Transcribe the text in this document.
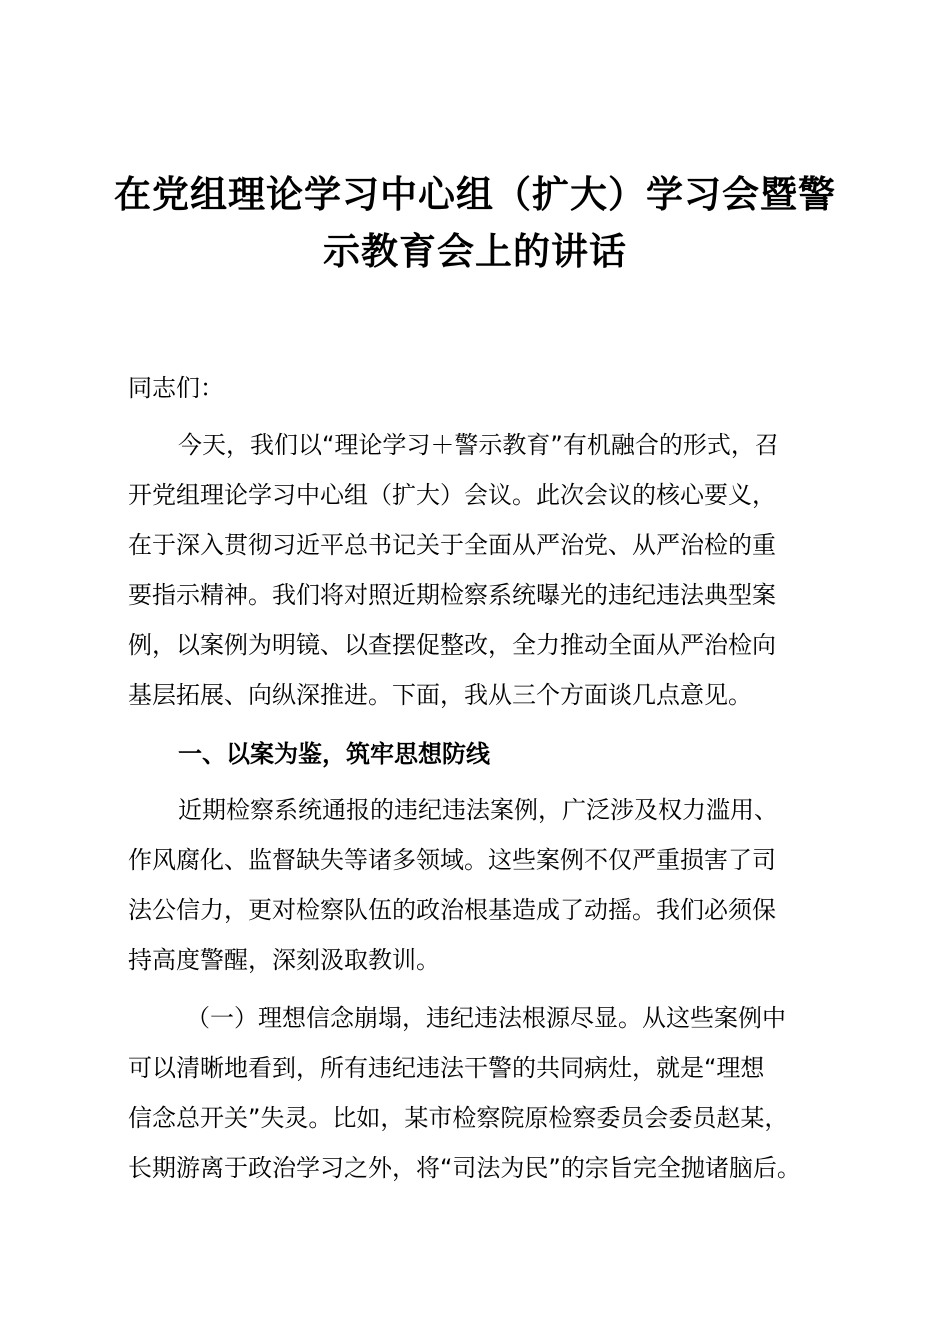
在党组理论学习中心组（扩大）学习会暨警
示教育会上的讲话
同志们：
今天，我们以“理论学习＋警示教育”有机融合的形式，召
开党组理论学习中心组（扩大）会议。此次会议的核心要义，
在于深入贯彻习近平总书记关于全面从严治党、从严治检的重
要指示精神。我们将对照近期检察系统曝光的违纪违法典型案
例，以案例为明镜、以查摆促整改，全力推动全面从严治检向
基层拓展、向纵深推进。下面，我从三个方面谈几点意见。
一、以案为鉴，筑牢思想防线
近期检察系统通报的违纪违法案例，广泛涉及权力滥用、
作风腐化、监督缺失等诸多领域。这些案例不仅严重损害了司
法公信力，更对检察队伍的政治根基造成了动摇。我们必须保
持高度警醒，深刻汲取教训。
（一）理想信念崩塌，违纪违法根源尽显。从这些案例中
可以清晰地看到，所有违纪违法干警的共同病灶，就是“理想
信念总开关”失灵。比如，某市检察院原检察委员会委员赵某，
长期游离于政治学习之外，将“司法为民”的宗旨完全抛诸脑后。
